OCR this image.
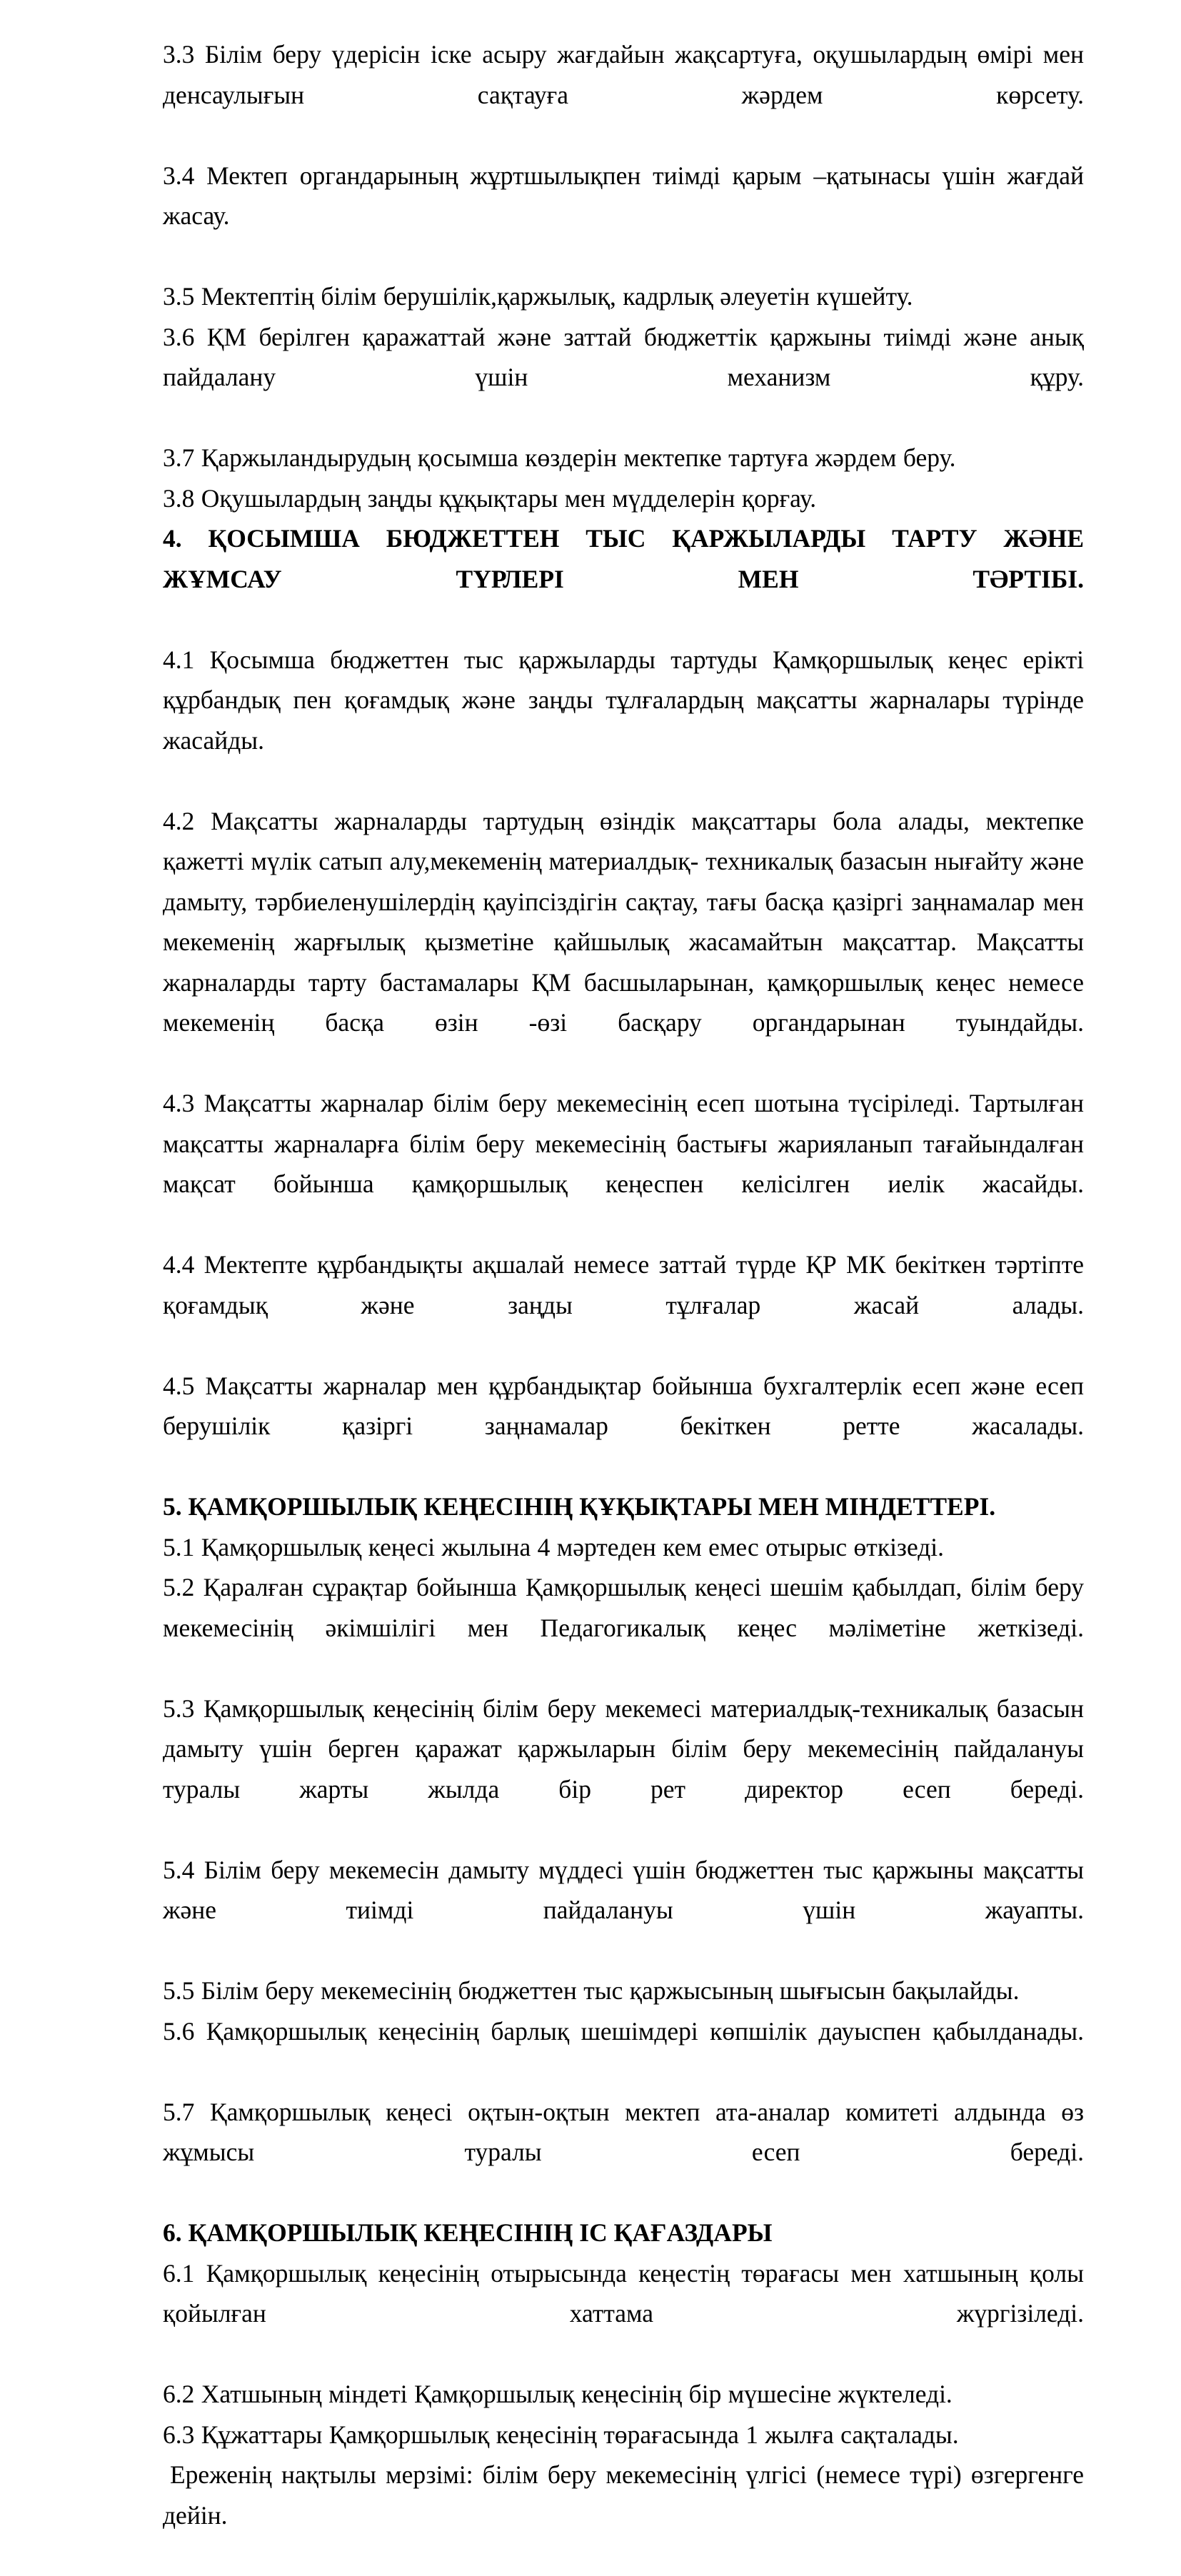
3.3 Білім беру үдерісін іске асыру жағдайын жақсартуға, оқушылардың өмірі мен денсаулығын сақтауға жәрдем көрсету.

3.4 Мектеп органдарының жұртшылықпен тиімді қарым –қатынасы үшін жағдай жасау.

3.5 Мектептің білім берушілік,қаржылық, кадрлық әлеуетін күшейту.

3.6 ҚМ берілген қаражаттай және заттай бюджеттік қаржыны тиімді және анық пайдалану үшін механизм құру.

3.7 Қаржыландырудың қосымша көздерін мектепке тартуға жәрдем беру.

3.8 Оқушылардың заңды құқықтары мен мүдделерін қорғау.

4. ҚОСЫМША БЮДЖЕТТЕН ТЫС ҚАРЖЫЛАРДЫ ТАРТУ ЖӘНЕ ЖҰМСАУ ТҮРЛЕРІ МЕН ТӘРТІБІ.

4.1 Қосымша бюджеттен тыс қаржыларды тартуды Қамқоршылық кеңес ерікті құрбандық пен қоғамдық және заңды тұлғалардың мақсатты жарналары түрінде жасайды.

4.2 Мақсатты жарналарды тартудың өзіндік мақсаттары бола алады, мектепке қажетті мүлік сатып алу,мекеменің материалдық- техникалық базасын нығайту және дамыту, тәрбиеленушілердің қауіпсіздігін сақтау, тағы басқа қазіргі заңнамалар мен мекеменің жарғылық қызметіне қайшылық жасамайтын мақсаттар. Мақсатты жарналарды тарту бастамалары ҚМ басшыларынан, қамқоршылық кеңес немесе мекеменің басқа өзін -өзі басқару органдарынан туындайды.

4.3 Мақсатты жарналар білім беру мекемесінің есеп шотына түсіріледі. Тартылған мақсатты жарналарға білім беру мекемесінің бастығы жарияланып тағайындалған мақсат бойынша қамқоршылық кеңеспен келісілген иелік жасайды.

4.4 Мектепте құрбандықты ақшалай немесе заттай түрде ҚР МК бекіткен тәртіпте қоғамдық және заңды тұлғалар жасай алады.

4.5 Мақсатты жарналар мен құрбандықтар бойынша бухгалтерлік есеп және есеп берушілік қазіргі заңнамалар бекіткен ретте жасалады.

5. ҚАМҚОРШЫЛЫҚ КЕҢЕСІНІҢ ҚҰҚЫҚТАРЫ МЕН МІНДЕТТЕРІ.

5.1 Қамқоршылық кеңесі жылына 4 мәртеден кем емес отырыс өткізеді.

5.2 Қаралған сұрақтар бойынша Қамқоршылық кеңесі шешім қабылдап, білім беру мекемесінің әкімшілігі мен Педагогикалық кеңес мәліметіне жеткізеді.

5.3 Қамқоршылық кеңесінің білім беру мекемесі материалдық-техникалық базасын дамыту үшін берген қаражат қаржыларын білім беру мекемесінің пайдалануы туралы жарты жылда бір рет директор есеп береді.

5.4 Білім беру мекемесін дамыту мүддесі үшін бюджеттен тыс қаржыны мақсатты және тиімді пайдалануы үшін жауапты.

5.5 Білім беру мекемесінің бюджеттен тыс қаржысының шығысын бақылайды.

5.6 Қамқоршылық кеңесінің барлық шешімдері көпшілік дауыспен қабылданады.

5.7 Қамқоршылық кеңесі оқтын-оқтын мектеп ата-аналар комитеті алдында өз жұмысы туралы есеп береді.

6. ҚАМҚОРШЫЛЫҚ КЕҢЕСІНІҢ ІС ҚАҒАЗДАРЫ

6.1 Қамқоршылық кеңесінің отырысында кеңестің төрағасы мен хатшының қолы қойылған хаттама жүргізіледі.

6.2 Хатшының міндеті Қамқоршылық кеңесінің бір мүшесіне жүктеледі.

6.3 Құжаттары Қамқоршылық кеңесінің төрағасында 1 жылға сақталады.

Ереженің нақтылы мерзімі: білім беру мекемесінің үлгісі (немесе түрі) өзгергенге дейін.
